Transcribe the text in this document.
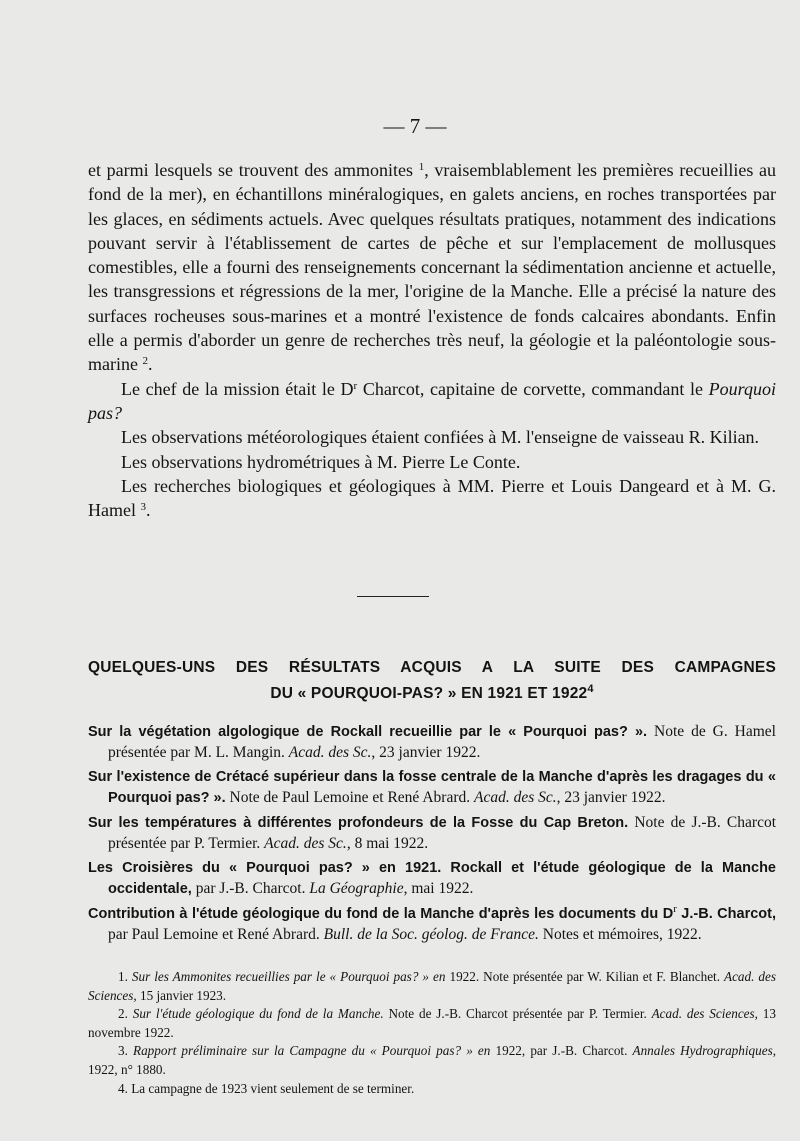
— 7 —

et parmi lesquels se trouvent des ammonites $^1$, vraisemblablement les premières recueillies au fond de la mer), en échantillons minéralogiques, en galets anciens, en roches transportées par les glaces, en sédiments actuels. Avec quelques résultats pratiques, notamment des indications pouvant servir à l'établissement de cartes de pêche et sur l'emplacement de mollusques comestibles, elle a fourni des renseignements concernant la sédimentation ancienne et actuelle, les transgressions et régressions de la mer, l'origine de la Manche. Elle a précisé la nature des surfaces rocheuses sous-marines et a montré l'existence de fonds calcaires abondants. Enfin elle a permis d'aborder un genre de recherches très neuf, la géologie et la paléontologie sous-marine $^2$.

Le chef de la mission était le $D^r$ Charcot, capitaine de corvette, commandant le Pourquoi pas?

Les observations météorologiques étaient confiées à M. l'enseigne de vaisseau R. Kilian.

Les observations hydrométriques à M. Pierre Le Conte.

Les recherches biologiques et géologiques à MM. Pierre et Louis Dangeard et à M. G. Hamel $^3$.

QUELQUES-UNS DES RÉSULTATS ACQUIS A LA SUITE DES CAMPAGNES
DU « POURQUOI-PAS? » EN 1921 ET 1922$^4$

Sur la végétation algologique de Rockall recueillie par le « Pourquoi pas? ». Note de G. Hamel présentée par M. L. Mangin. Acad. des Sc., 23 janvier 1922.

Sur l'existence de Crétacé supérieur dans la fosse centrale de la Manche d'après les dragages du « Pourquoi pas? ». Note de Paul Lemoine et René Abrard. Acad. des Sc., 23 janvier 1922.

Sur les températures à différentes profondeurs de la Fosse du Cap Breton. Note de J.-B. Charcot présentée par P. Termier. Acad. des Sc., 8 mai 1922.

Les Croisières du « Pourquoi pas? » en 1921. Rockall et l'étude géologique de la Manche occidentale, par J.-B. Charcot. La Géographie, mai 1922.

Contribution à l'étude géologique du fond de la Manche d'après les documents du $D^r$ J.-B. Charcot, par Paul Lemoine et René Abrard. Bull. de la Soc. géolog. de France. Notes et mémoires, 1922.

1. Sur les Ammonites recueillies par le « Pourquoi pas? » en 1922. Note présentée par W. Kilian et F. Blanchet. Acad. des Sciences, 15 janvier 1923.

2. Sur l'étude géologique du fond de la Manche. Note de J.-B. Charcot présentée par P. Termier. Acad. des Sciences, 13 novembre 1922.

3. Rapport préliminaire sur la Campagne du « Pourquoi pas? » en 1922, par J.-B. Charcot. Annales Hydrographiques, 1922, n° 1880.

4. La campagne de 1923 vient seulement de se terminer.
